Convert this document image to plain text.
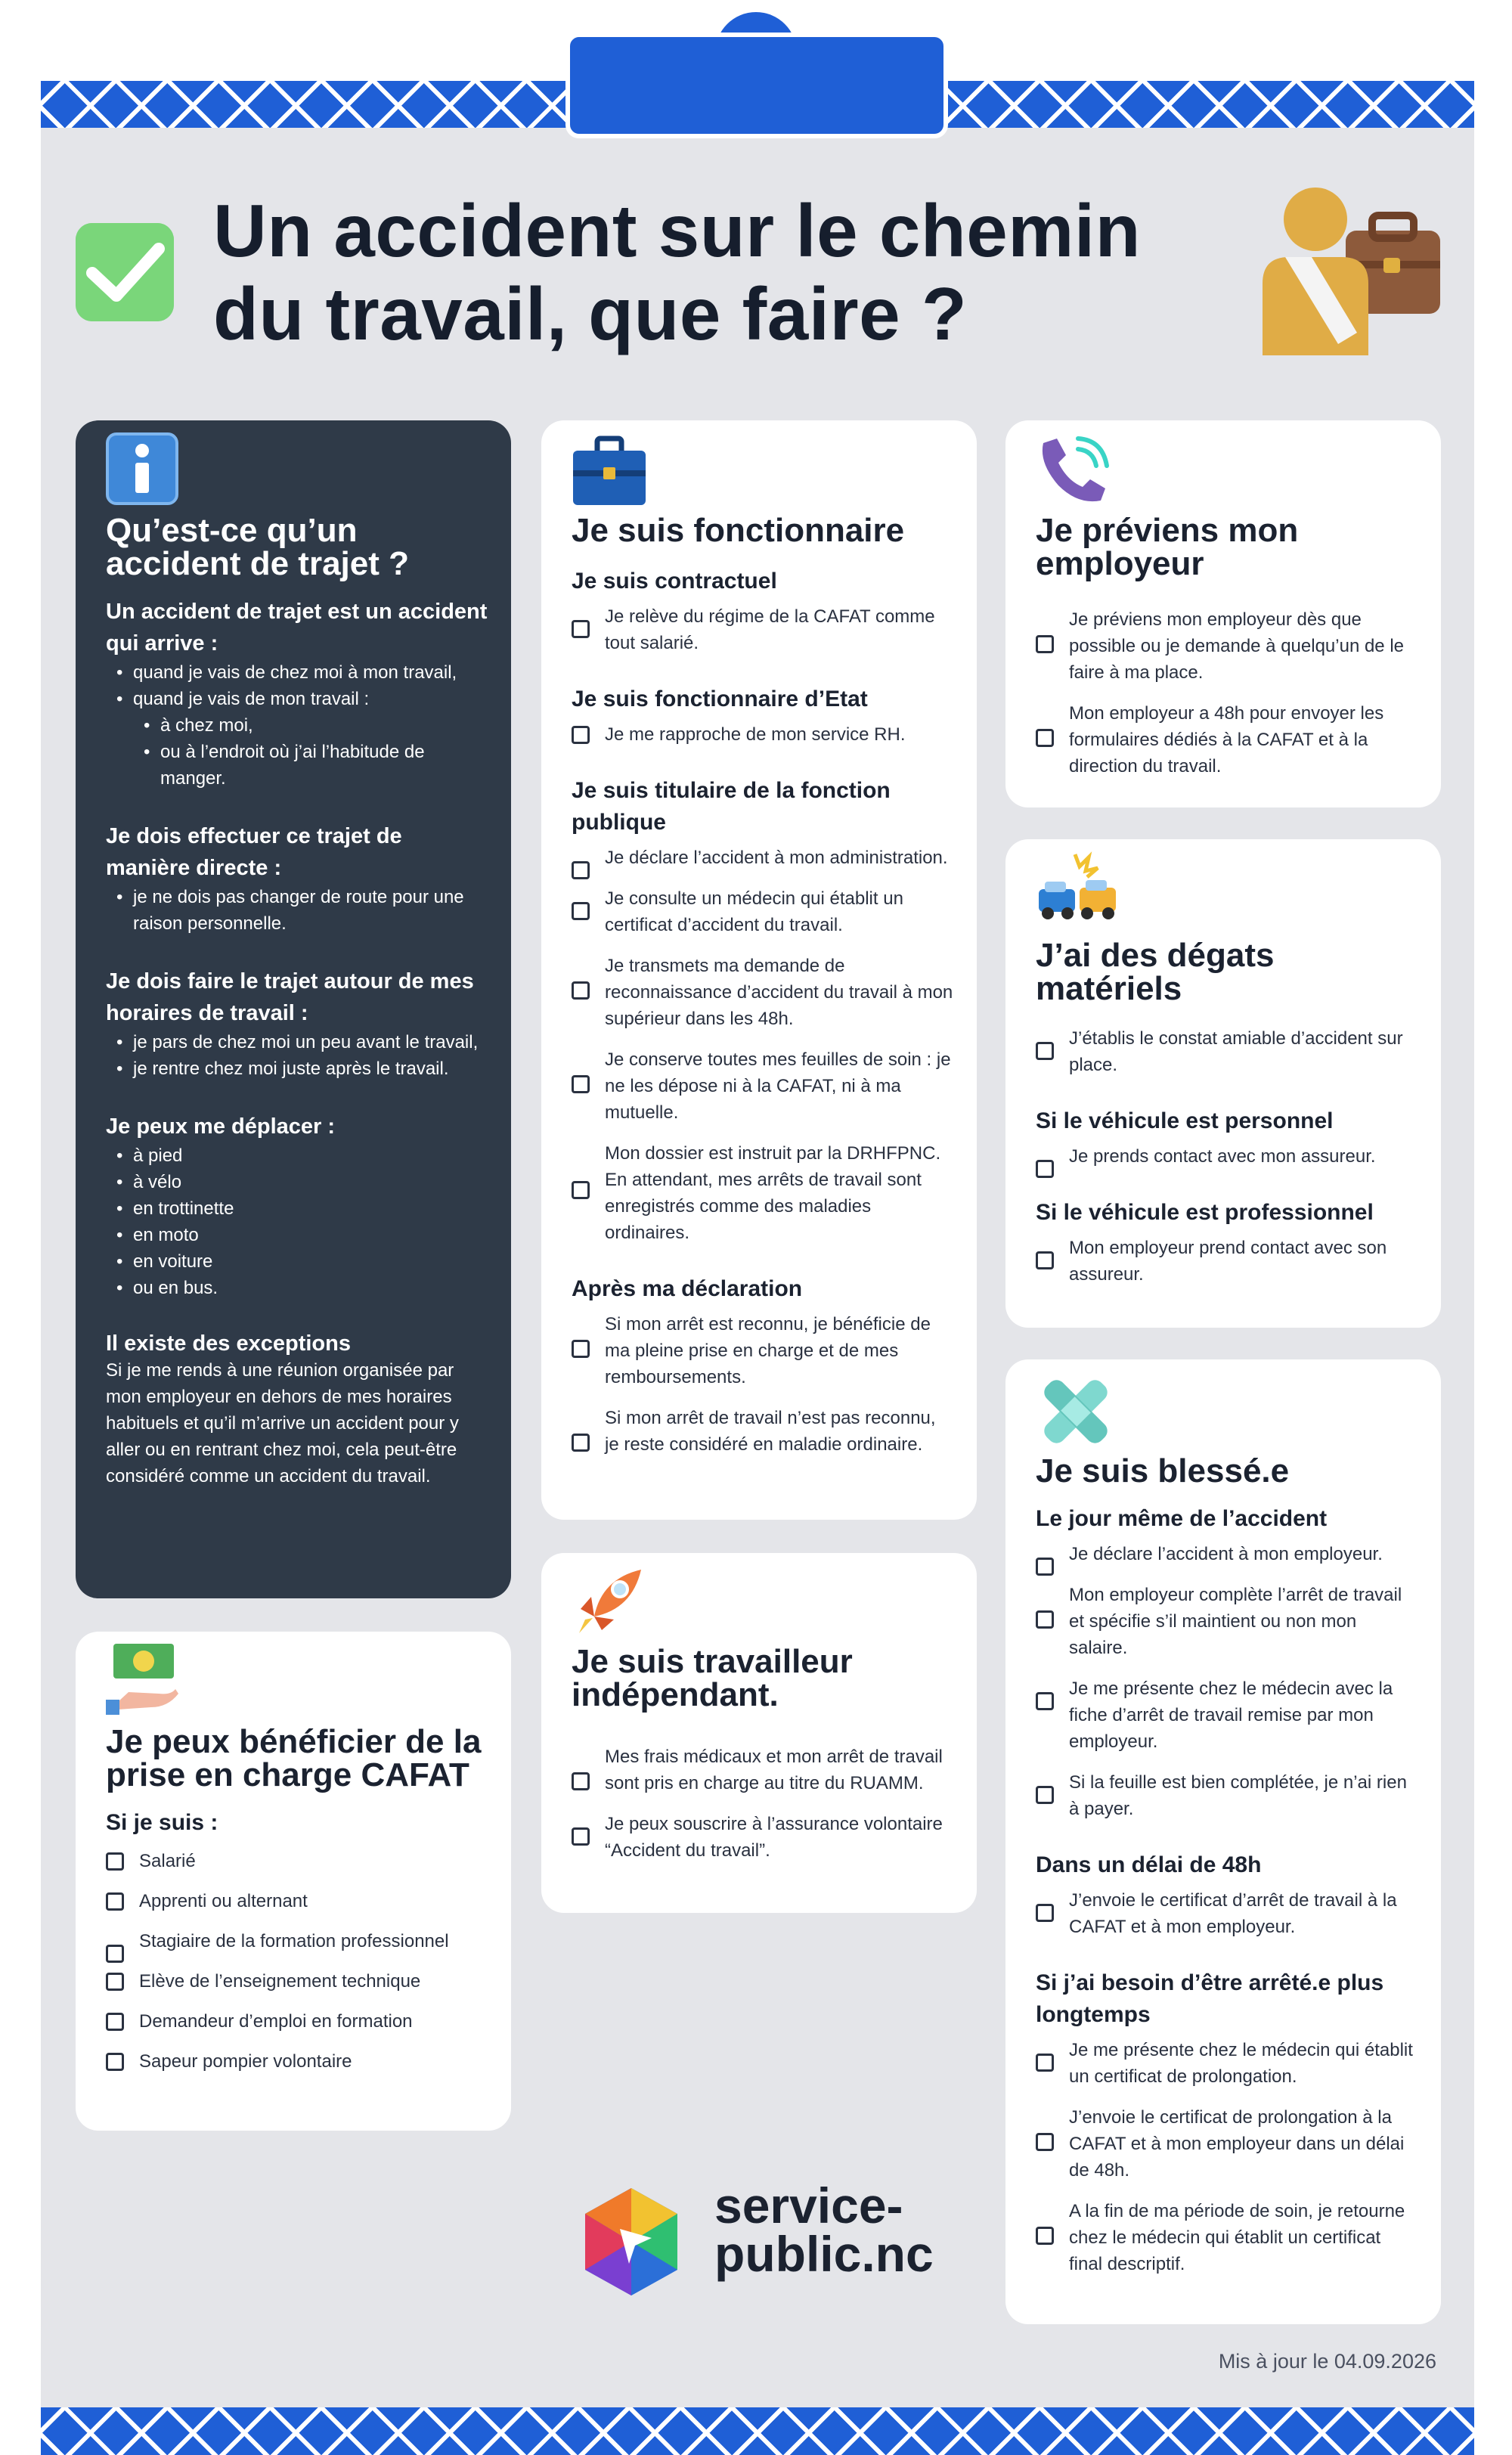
Un accident sur le chemin du travail, que faire ?
Qu’est-ce qu’un accident de trajet ?
Un accident de trajet est un accident qui arrive :
• quand je vais de chez moi à mon travail,
• quand je vais de mon travail :
• à chez moi,
• ou à l’endroit où j’ai l’habitude de manger.
Je dois effectuer ce trajet de manière directe :
• je ne dois pas changer de route pour une raison personnelle.
Je dois faire le trajet autour de mes horaires de travail :
• je pars de chez moi un peu avant le travail,
• je rentre chez moi juste après le travail.
Je peux me déplacer :
• à pied
• à vélo
• en trottinette
• en moto
• en voiture
• ou en bus.
Il existe des exceptions
Si je me rends à une réunion organisée par mon employeur en dehors de mes horaires habituels et qu’il m’arrive un accident pour y aller ou en rentrant chez moi, cela peut-être considéré comme un accident du travail.
Je peux bénéficier de la prise en charge CAFAT
Si je suis :
Salarié
Apprenti ou alternant
Stagiaire de la formation professionnel
Elève de l’enseignement technique
Demandeur d’emploi en formation
Sapeur pompier volontaire
Je suis fonctionnaire
Je suis contractuel
Je relève du régime de la CAFAT comme tout salarié.
Je suis fonctionnaire d’Etat
Je me rapproche de mon service RH.
Je suis titulaire de la fonction publique
Je déclare l’accident à mon administration.
Je consulte un médecin qui établit un certificat d’accident du travail.
Je transmets ma demande de reconnaissance d’accident du travail à mon supérieur dans les 48h.
Je conserve toutes mes feuilles de soin : je ne les dépose ni à la CAFAT, ni à ma mutuelle.
Mon dossier est instruit par la DRHFPNC. En attendant, mes arrêts de travail sont enregistrés comme des maladies ordinaires.
Après ma déclaration
Si mon arrêt est reconnu, je bénéficie de ma pleine prise en charge et de mes remboursements.
Si mon arrêt de travail n’est pas reconnu, je reste considéré en maladie ordinaire.
Je suis travailleur indépendant.
Mes frais médicaux et mon arrêt de travail sont pris en charge au titre du RUAMM.
Je peux souscrire à l’assurance volontaire “Accident du travail”.
Je préviens mon employeur
Je préviens mon employeur dès que possible ou je demande à quelqu’un de le faire à ma place.
Mon employeur a 48h pour envoyer les formulaires dédiés à la CAFAT et à la direction du travail.
J’ai des dégats matériels
J’établis le constat amiable d’accident sur place.
Si le véhicule est personnel
Je prends contact avec mon assureur.
Si le véhicule est professionnel
Mon employeur prend contact avec son assureur.
Je suis blessé.e
Le jour même de l’accident
Je déclare l’accident à mon employeur.
Mon employeur complète l’arrêt de travail et spécifie s’il maintient ou non mon salaire.
Je me présente chez le médecin avec la fiche d’arrêt de travail remise par mon employeur.
Si la feuille est bien complétée, je n’ai rien à payer.
Dans un délai de 48h
J’envoie le certificat d’arrêt de travail à la CAFAT et à mon employeur.
Si j’ai besoin d’être arrêté.e plus longtemps
Je me présente chez le médecin qui établit un certificat de prolongation.
J’envoie le certificat de prolongation à la CAFAT et à mon employeur dans un délai de 48h.
A la fin de ma période de soin, je retourne chez le médecin qui établit un certificat final descriptif.
service-
public.nc
Mis à jour le 04.09.2026
